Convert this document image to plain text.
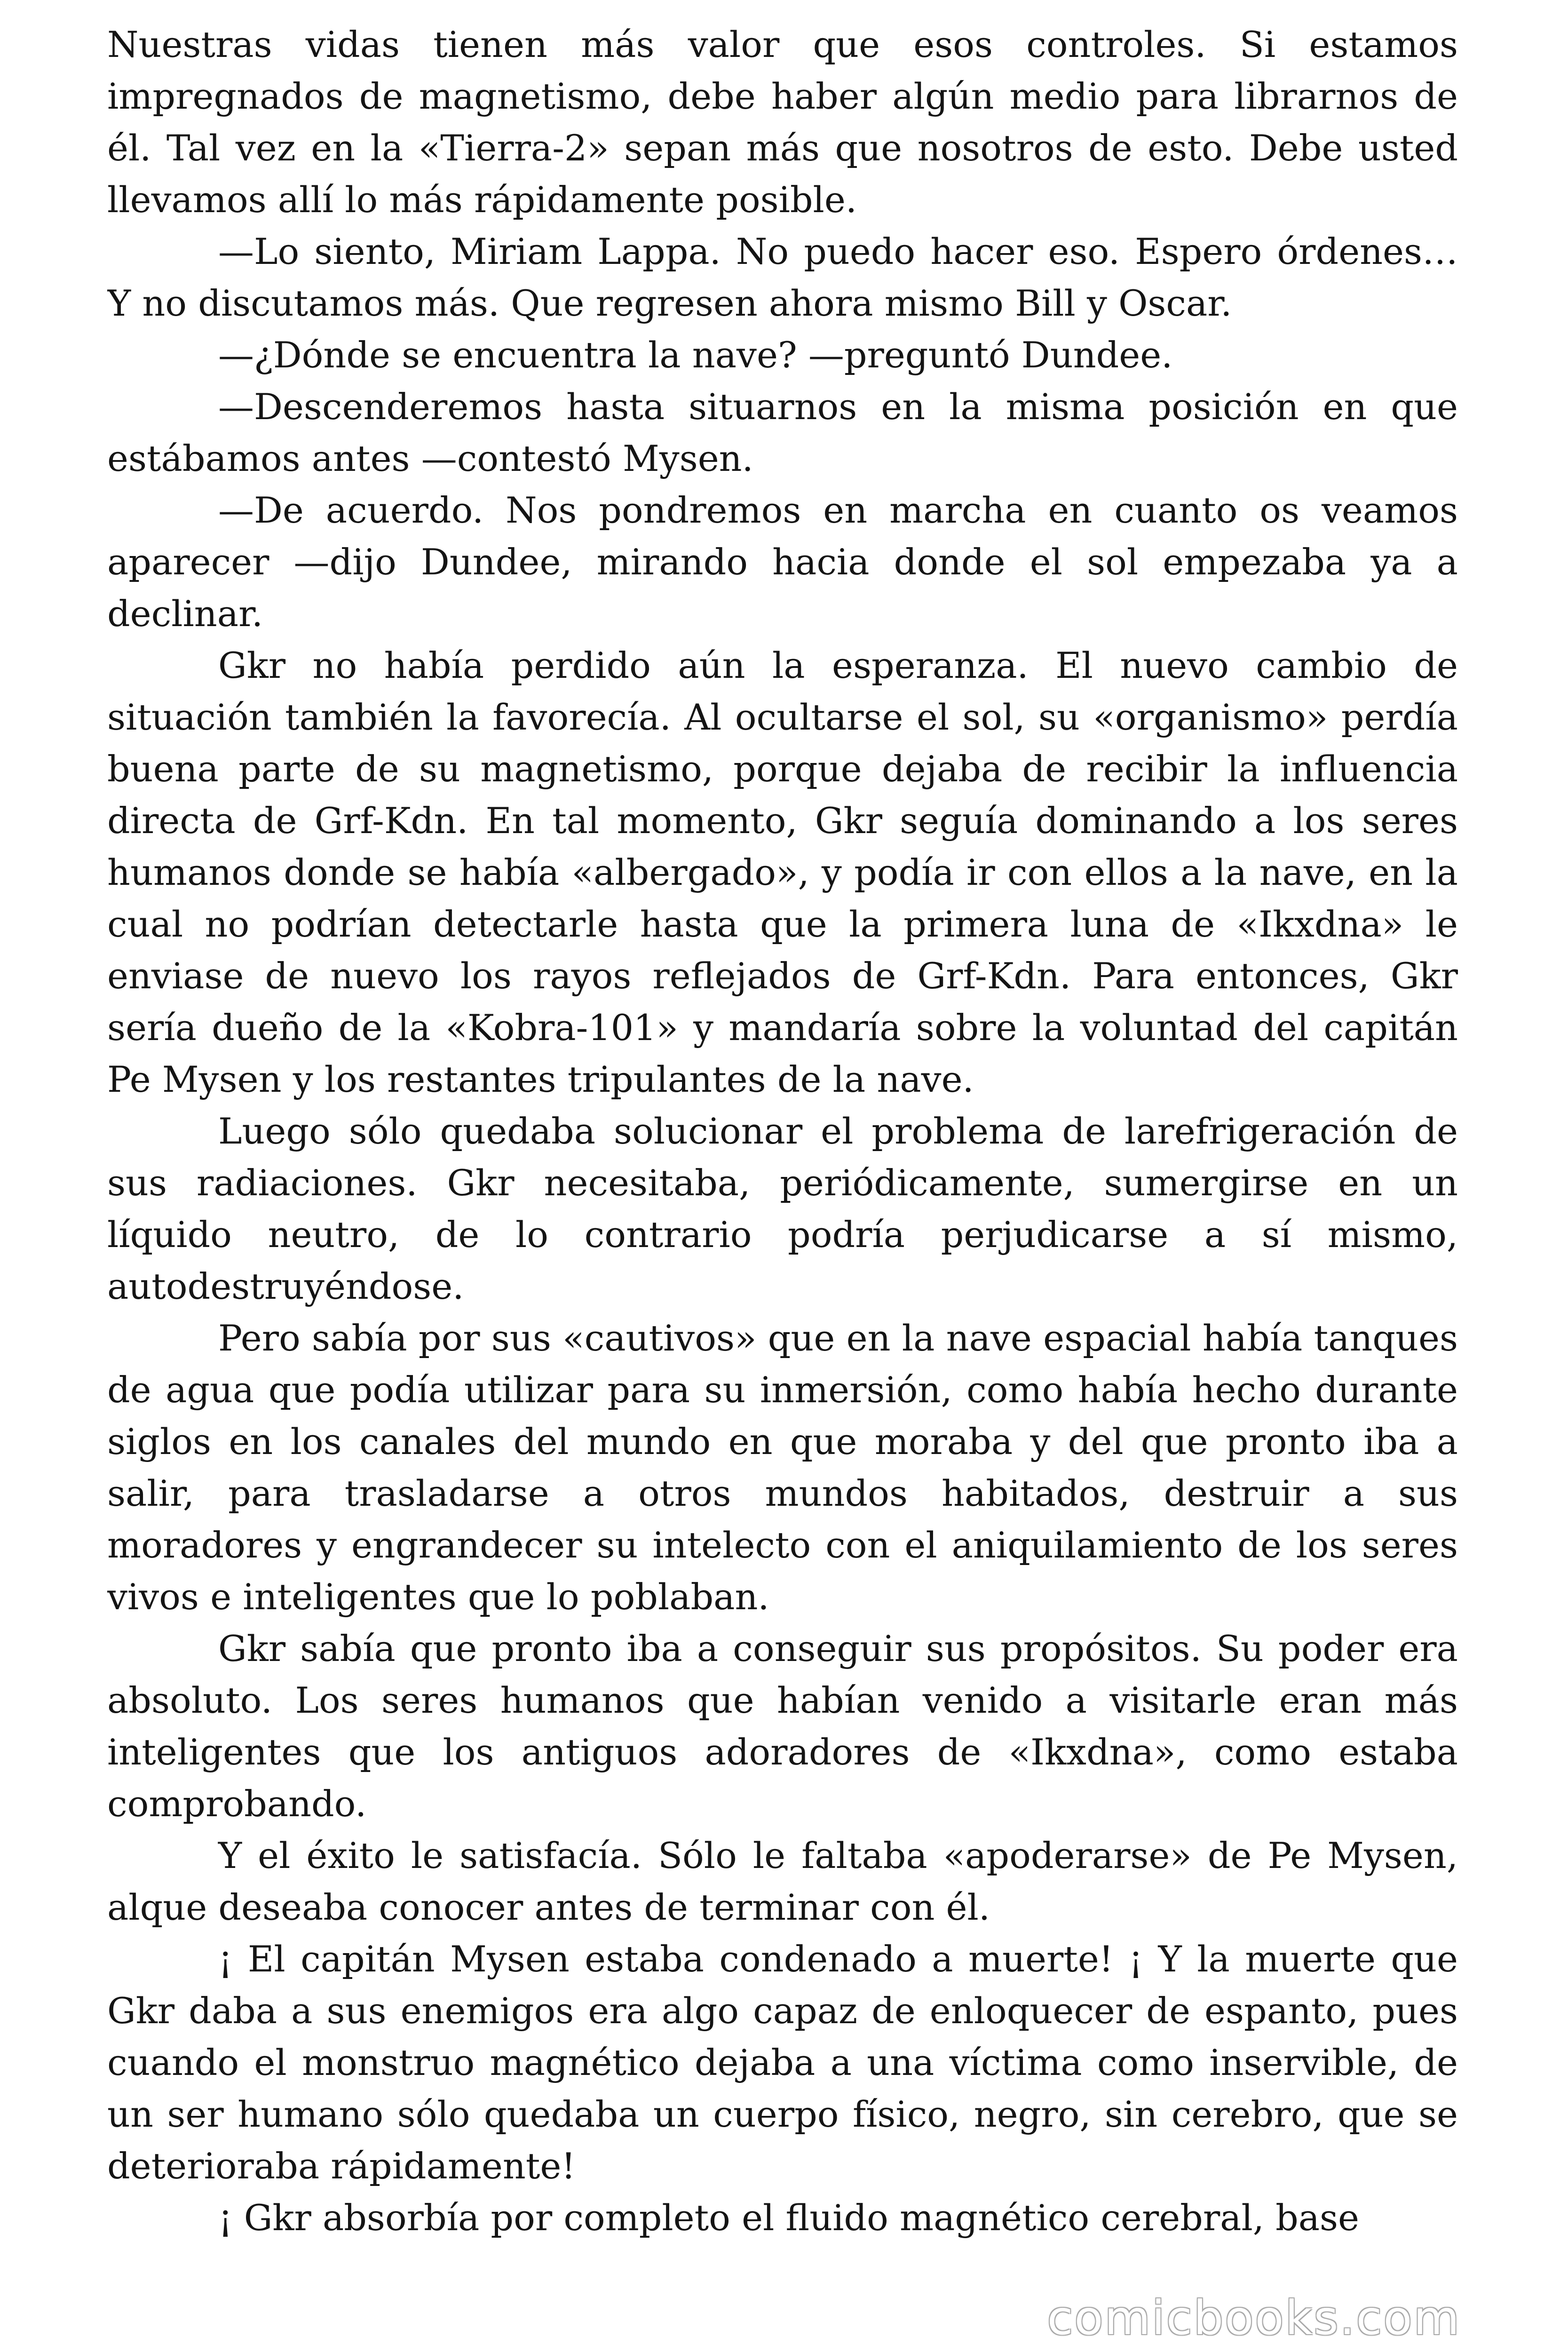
Nuestras vidas tienen más valor que esos controles. Si estamos impregnados de magnetismo, debe haber algún medio para librarnos de él. Tal vez en la «Tierra-2» sepan más que nosotros de esto. Debe usted llevamos allí lo más rápidamente posible.

—Lo siento, Miriam Lappa. No puedo hacer eso. Espero órdenes… Y no discutamos más. Que regresen ahora mismo Bill y Oscar.

—¿Dónde se encuentra la nave? —preguntó Dundee.

—Descenderemos hasta situarnos en la misma posición en que estábamos antes —contestó Mysen.

—De acuerdo. Nos pondremos en marcha en cuanto os veamos aparecer —dijo Dundee, mirando hacia donde el sol empezaba ya a declinar.

Gkr no había perdido aún la esperanza. El nuevo cambio de situación también la favorecía. Al ocultarse el sol, su «organismo» perdía buena parte de su magnetismo, porque dejaba de recibir la influencia directa de Grf-Kdn. En tal momento, Gkr seguía dominando a los seres humanos donde se había «albergado», y podía ir con ellos a la nave, en la cual no podrían detectarle hasta que la primera luna de «Ikxdna» le enviase de nuevo los rayos reflejados de Grf-Kdn. Para entonces, Gkr sería dueño de la «Kobra-101» y mandaría sobre la voluntad del capitán Pe Mysen y los restantes tripulantes de la nave.

Luego sólo quedaba solucionar el problema de larefrigeración de sus radiaciones. Gkr necesitaba, periódicamente, sumergirse en un líquido neutro, de lo contrario podría perjudicarse a sí mismo, autodestruyéndose.

Pero sabía por sus «cautivos» que en la nave espacial había tanques de agua que podía utilizar para su inmersión, como había hecho durante siglos en los canales del mundo en que moraba y del que pronto iba a salir, para trasladarse a otros mundos habitados, destruir a sus moradores y engrandecer su intelecto con el aniquilamiento de los seres vivos e inteligentes que lo poblaban.

Gkr sabía que pronto iba a conseguir sus propósitos. Su poder era absoluto. Los seres humanos que habían venido a visitarle eran más inteligentes que los antiguos adoradores de «Ikxdna», como estaba comprobando.

Y el éxito le satisfacía. Sólo le faltaba «apoderarse» de Pe Mysen, alque deseaba conocer antes de terminar con él.

¡ El capitán Mysen estaba condenado a muerte! ¡ Y la muerte que Gkr daba a sus enemigos era algo capaz de enloquecer de espanto, pues cuando el monstruo magnético dejaba a una víctima como inservible, de un ser humano sólo quedaba un cuerpo físico, negro, sin cerebro, que se deterioraba rápidamente!

¡ Gkr absorbía por completo el fluido magnético cerebral, base

comicbooks.com
